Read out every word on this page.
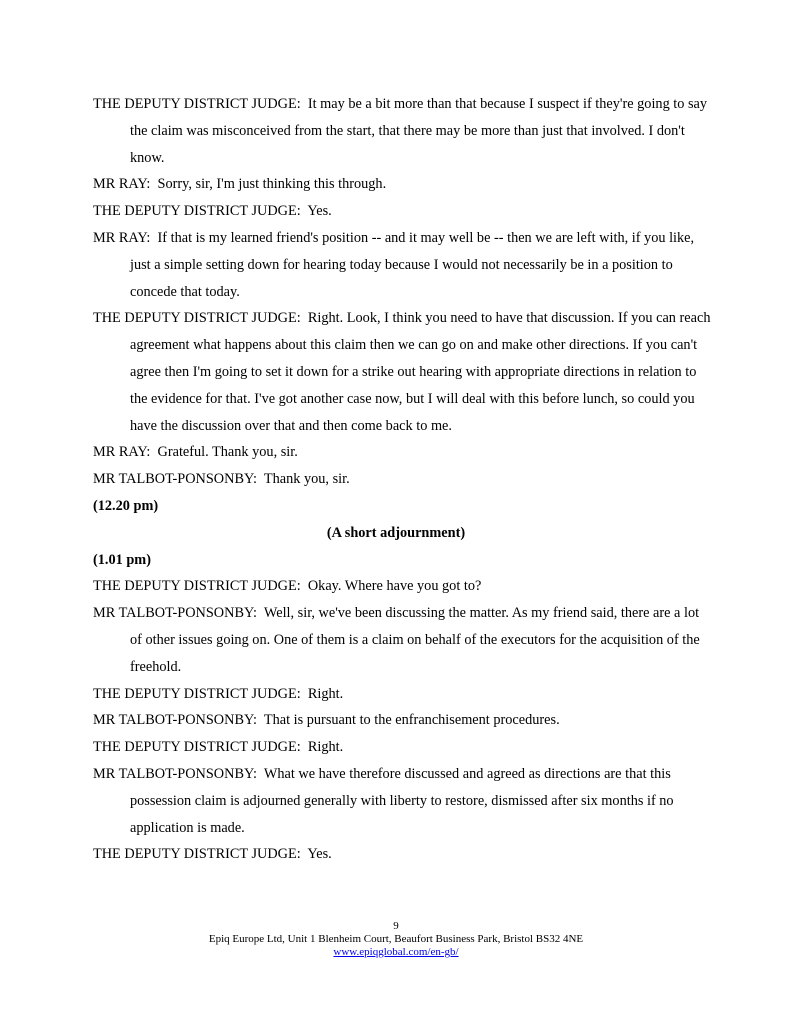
THE DEPUTY DISTRICT JUDGE: It may be a bit more than that because I suspect if they're going to say the claim was misconceived from the start, that there may be more than just that involved. I don't know.

MR RAY: Sorry, sir, I'm just thinking this through.

THE DEPUTY DISTRICT JUDGE: Yes.

MR RAY: If that is my learned friend's position -- and it may well be -- then we are left with, if you like, just a simple setting down for hearing today because I would not necessarily be in a position to concede that today.

THE DEPUTY DISTRICT JUDGE: Right. Look, I think you need to have that discussion. If you can reach agreement what happens about this claim then we can go on and make other directions. If you can't agree then I'm going to set it down for a strike out hearing with appropriate directions in relation to the evidence for that. I've got another case now, but I will deal with this before lunch, so could you have the discussion over that and then come back to me.

MR RAY: Grateful. Thank you, sir.

MR TALBOT-PONSONBY: Thank you, sir.

(12.20 pm)

(A short adjournment)

(1.01 pm)

THE DEPUTY DISTRICT JUDGE: Okay. Where have you got to?

MR TALBOT-PONSONBY: Well, sir, we've been discussing the matter. As my friend said, there are a lot of other issues going on. One of them is a claim on behalf of the executors for the acquisition of the freehold.

THE DEPUTY DISTRICT JUDGE: Right.

MR TALBOT-PONSONBY: That is pursuant to the enfranchisement procedures.

THE DEPUTY DISTRICT JUDGE: Right.

MR TALBOT-PONSONBY: What we have therefore discussed and agreed as directions are that this possession claim is adjourned generally with liberty to restore, dismissed after six months if no application is made.

THE DEPUTY DISTRICT JUDGE: Yes.

9
Epiq Europe Ltd, Unit 1 Blenheim Court, Beaufort Business Park, Bristol BS32 4NE
www.epiqglobal.com/en-gb/
